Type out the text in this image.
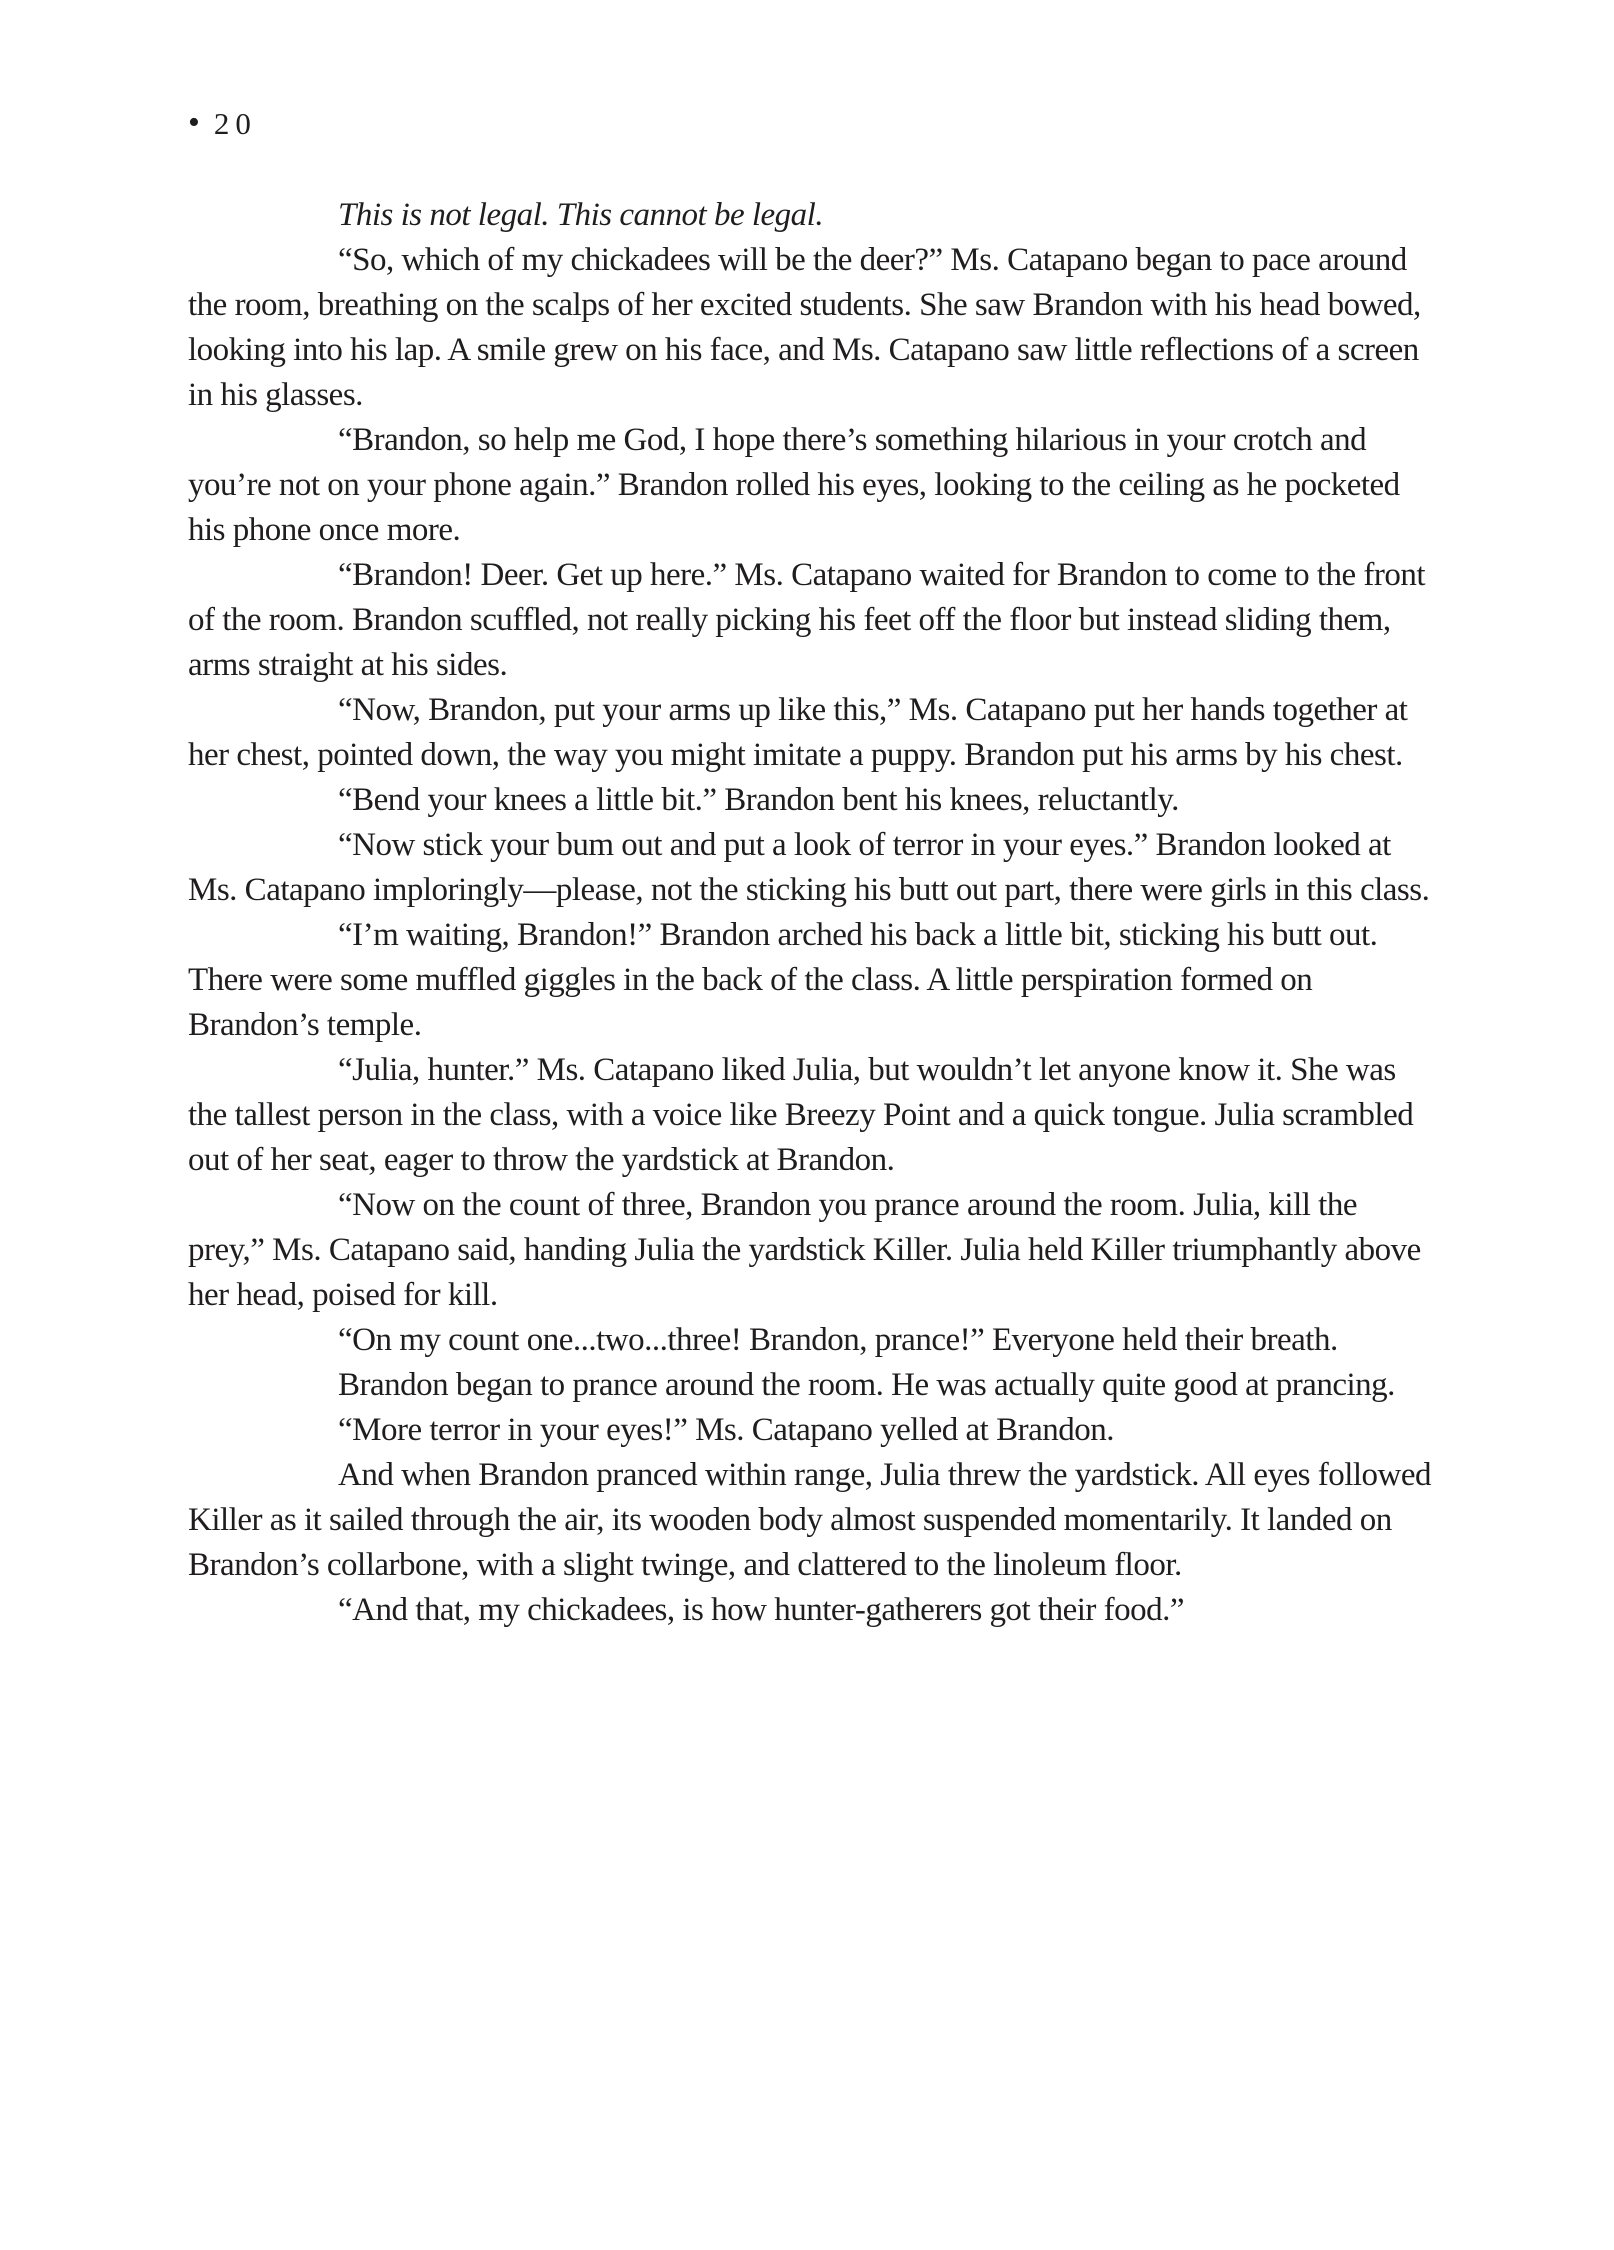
• 20

This is not legal. This cannot be legal.

“So, which of my chickadees will be the deer?” Ms. Catapano began to pace around the room, breathing on the scalps of her excited students. She saw Brandon with his head bowed, looking into his lap. A smile grew on his face, and Ms. Catapano saw little reflections of a screen in his glasses.

“Brandon, so help me God, I hope there’s something hilarious in your crotch and you’re not on your phone again.” Brandon rolled his eyes, looking to the ceiling as he pocketed his phone once more.

“Brandon! Deer. Get up here.” Ms. Catapano waited for Brandon to come to the front of the room. Brandon scuffled, not really picking his feet off the floor but instead sliding them, arms straight at his sides.

“Now, Brandon, put your arms up like this,” Ms. Catapano put her hands together at her chest, pointed down, the way you might imitate a puppy. Brandon put his arms by his chest.

“Bend your knees a little bit.” Brandon bent his knees, reluctantly.

“Now stick your bum out and put a look of terror in your eyes.” Brandon looked at Ms. Catapano imploringly—please, not the sticking his butt out part, there were girls in this class.

“I’m waiting, Brandon!” Brandon arched his back a little bit, sticking his butt out. There were some muffled giggles in the back of the class. A little perspiration formed on Brandon’s temple.

“Julia, hunter.” Ms. Catapano liked Julia, but wouldn’t let anyone know it. She was the tallest person in the class, with a voice like Breezy Point and a quick tongue. Julia scrambled out of her seat, eager to throw the yardstick at Brandon.

“Now on the count of three, Brandon you prance around the room. Julia, kill the prey,” Ms. Catapano said, handing Julia the yardstick Killer. Julia held Killer triumphantly above her head, poised for kill.

“On my count one...two...three! Brandon, prance!” Everyone held their breath.

Brandon began to prance around the room. He was actually quite good at prancing.

“More terror in your eyes!” Ms. Catapano yelled at Brandon.

And when Brandon pranced within range, Julia threw the yardstick. All eyes followed Killer as it sailed through the air, its wooden body almost suspended momentarily. It landed on Brandon’s collarbone, with a slight twinge, and clattered to the linoleum floor.

“And that, my chickadees, is how hunter-gatherers got their food.”
